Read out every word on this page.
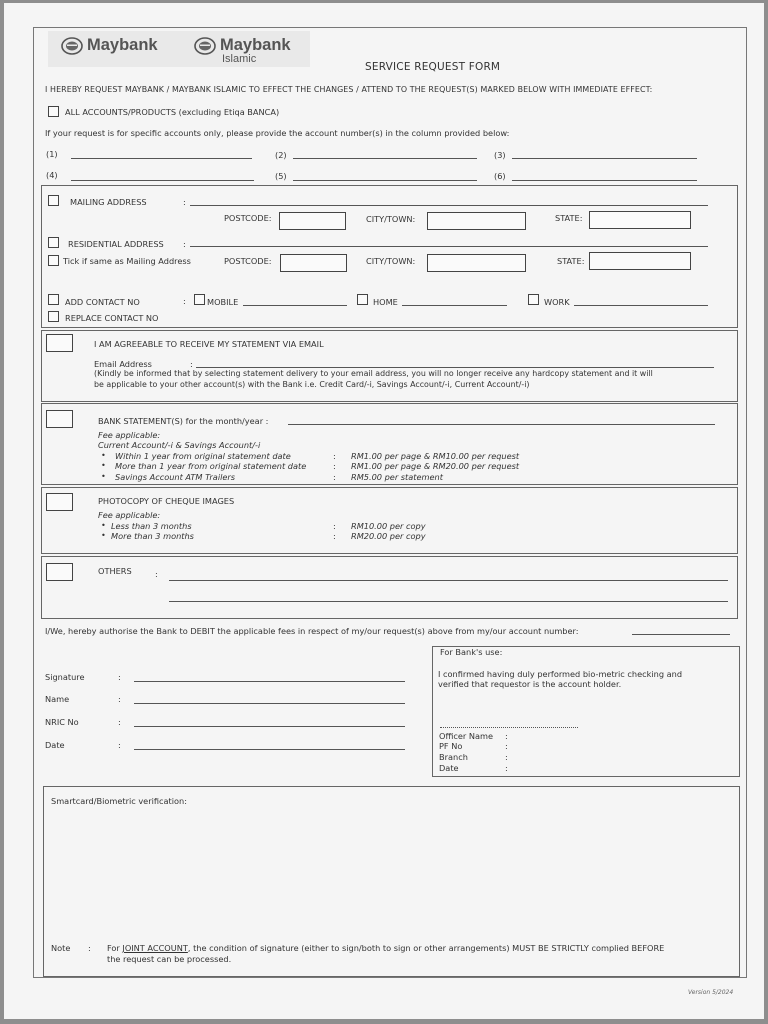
Maybank	Maybank
Islamic
SERVICE REQUEST FORM
I HEREBY REQUEST MAYBANK / MAYBANK ISLAMIC TO EFFECT THE CHANGES / ATTEND TO THE REQUEST(S) MARKED BELOW WITH IMMEDIATE EFFECT:
ALL ACCOUNTS/PRODUCTS (excluding Etiqa BANCA)
If your request is for specific accounts only, please provide the account number(s) in the column provided below:
(1)	(2)	(3)
(4)	(5)	(6)
MAILING ADDRESS	:
POSTCODE:	CITY/TOWN:	STATE:
RESIDENTIAL ADDRESS :
Tick if same as Mailing Address	POSTCODE:	CITY/TOWN:	STATE:
ADD CONTACT NO	:	MOBILE	HOME	WORK
REPLACE CONTACT NO
I AM AGREEABLE TO RECEIVE MY STATEMENT VIA EMAIL
Email Address	:
(Kindly be informed that by selecting statement delivery to your email address, you will no longer receive any hardcopy statement and it will
be applicable to your other account(s) with the Bank i.e. Credit Card/-i, Savings Account/-i, Current Account/-i)
BANK STATEMENT(S) for the month/year :
Fee applicable:
Current Account/-i & Savings Account/-i
• Within 1 year from original statement date	: RM1.00 per page & RM10.00 per request
• More than 1 year from original statement date	: RM1.00 per page & RM20.00 per request
• Savings Account ATM Trailers	: RM5.00 per statement
PHOTOCOPY OF CHEQUE IMAGES
Fee applicable:
• Less than 3 months	: RM10.00 per copy
• More than 3 months	: RM20.00 per copy
OTHERS	:
I/We, hereby authorise the Bank to DEBIT the applicable fees in respect of my/our request(s) above from my/our account number:
Signature	:
Name	:
NRIC No	:
Date	:
For Bank's use:
I confirmed having duly performed bio-metric checking and
verified that requestor is the account holder.
Officer Name :
PF No	:
Branch	:
Date	:
Smartcard/Biometric verification:
Note : For JOINT ACCOUNT, the condition of signature (either to sign/both to sign or other arrangements) MUST BE STRICTLY complied BEFORE
the request can be processed.
Version 5/2024
